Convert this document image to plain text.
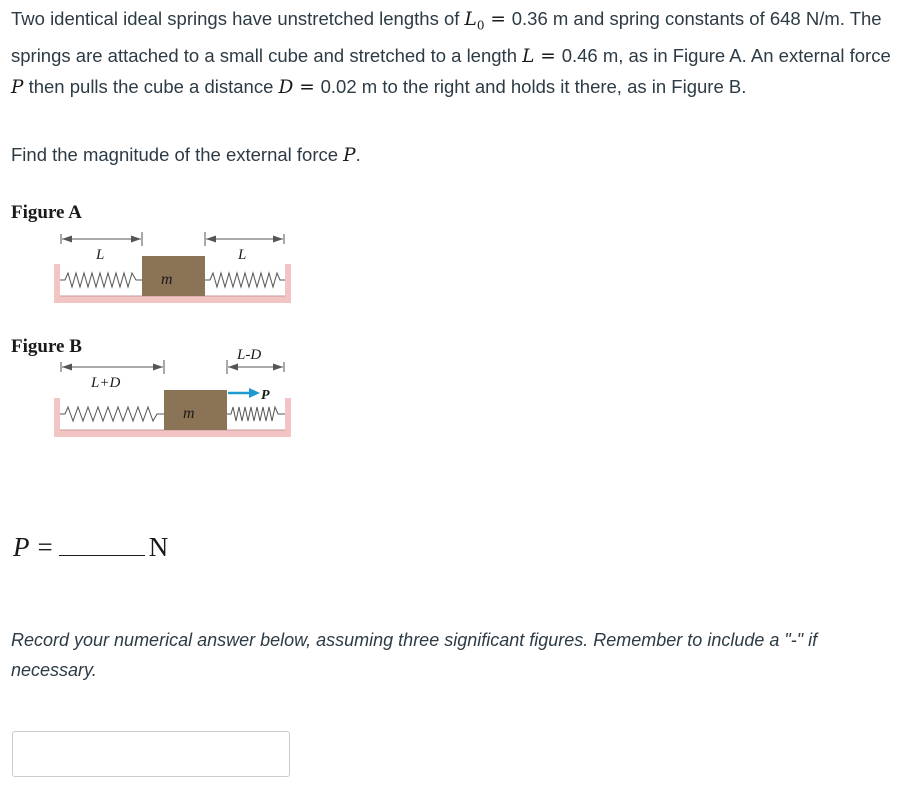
Two identical ideal springs have unstretched lengths of $L_0 = 0.36$ m and spring constants of 648 N/m. The springs are attached to a small cube and stretched to a length L = 0.46 m, as in Figure A. An external force P then pulls the cube a distance D = 0.02 m to the right and holds it there, as in Figure B.

Find the magnitude of the external force P.
Figure A
L	L
m
Figure B	L-D
L+D
P
m
P =	N
Record your numerical answer below, assuming three significant figures. Remember to include a "-" if necessary.
